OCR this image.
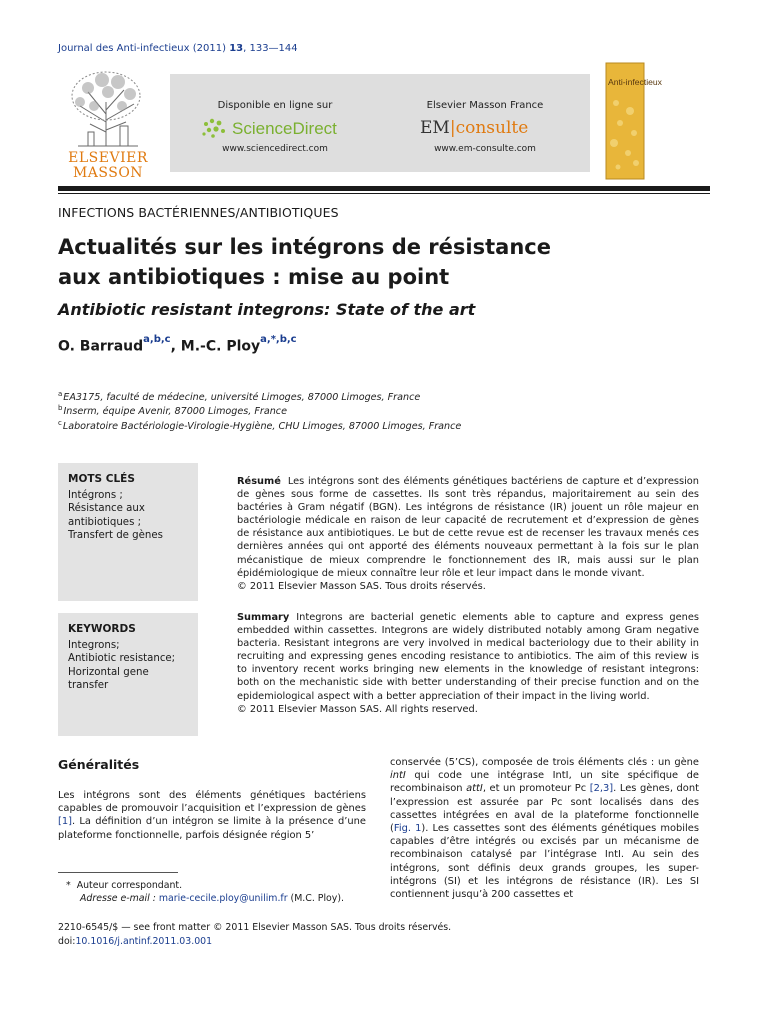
Journal des Anti-infectieux (2011) 13, 133—144
ELSEVIER
MASSON
Disponible en ligne sur
ScienceDirect
www.sciencedirect.com
Elsevier Masson France
EM|consulte
www.em-consulte.com
Anti-infectieux
INFECTIONS BACTÉRIENNES/ANTIBIOTIQUES
Actualités sur les intégrons de résistance
aux antibiotiques : mise au point
Antibiotic resistant integrons: State of the art
O. Barraud$^{a,b,c}$, M.-C. Ploy$^{a,*,b,c}$
$^a$EA3175, faculté de médecine, université Limoges, 87000 Limoges, France
$^b$Inserm, équipe Avenir, 87000 Limoges, France
$^c$Laboratoire Bactériologie-Virologie-Hygiène, CHU Limoges, 87000 Limoges, France
MOTS CLÉS
Intégrons ;
Résistance aux
antibiotiques ;
Transfert de gènes
KEYWORDS
Integrons;
Antibiotic resistance;
Horizontal gene transfer
Résumé Les intégrons sont des éléments génétiques bactériens de capture et d’expression de gènes sous forme de cassettes. Ils sont très répandus, majoritairement au sein des bactéries à Gram négatif (BGN). Les intégrons de résistance (IR) jouent un rôle majeur en bactériologie médicale en raison de leur capacité de recrutement et d’expression de gènes de résistance aux antibiotiques. Le but de cette revue est de recenser les travaux menés ces dernières années qui ont apporté des éléments nouveaux permettant à la fois sur le plan mécanistique de mieux comprendre le fonctionnement des IR, mais aussi sur le plan épidémiologique de mieux connaître leur rôle et leur impact dans le monde vivant.
© 2011 Elsevier Masson SAS. Tous droits réservés.
Summary Integrons are bacterial genetic elements able to capture and express genes embedded within cassettes. Integrons are widely distributed notably among Gram negative bacteria. Resistant integrons are very involved in medical bacteriology due to their ability in recruiting and expressing genes encoding resistance to antibiotics. The aim of this review is to inventory recent works bringing new elements in the knowledge of resistant integrons: both on the mechanistic side with better understanding of their precise function and on the epidemiological aspect with a better appreciation of their impact in the living world.
© 2011 Elsevier Masson SAS. All rights reserved.
Généralités
Les intégrons sont des éléments génétiques bactériens capables de promouvoir l’acquisition et l’expression de gènes [1]. La définition d’un intégron se limite à la présence d’une plateforme fonctionnelle, parfois désignée région 5’
conservée (5’CS), composée de trois éléments clés : un gène intI qui code une intégrase IntI, un site spécifique de recombinaison attI, et un promoteur Pc [2,3]. Les gènes, dont l’expression est assurée par Pc sont localisés dans des cassettes intégrées en aval de la plateforme fonctionnelle (Fig. 1). Les cassettes sont des éléments génétiques mobiles capables d’être intégrés ou excisés par un mécanisme de recombinaison catalysé par l’intégrase IntI. Au sein des intégrons, sont définis deux grands groupes, les super-intégrons (SI) et les intégrons de résistance (IR). Les SI contiennent jusqu’à 200 cassettes et
* Auteur correspondant.
Adresse e-mail : marie-cecile.ploy@unilim.fr (M.C. Ploy).
2210-6545/$ — see front matter © 2011 Elsevier Masson SAS. Tous droits réservés.
doi:10.1016/j.antinf.2011.03.001
